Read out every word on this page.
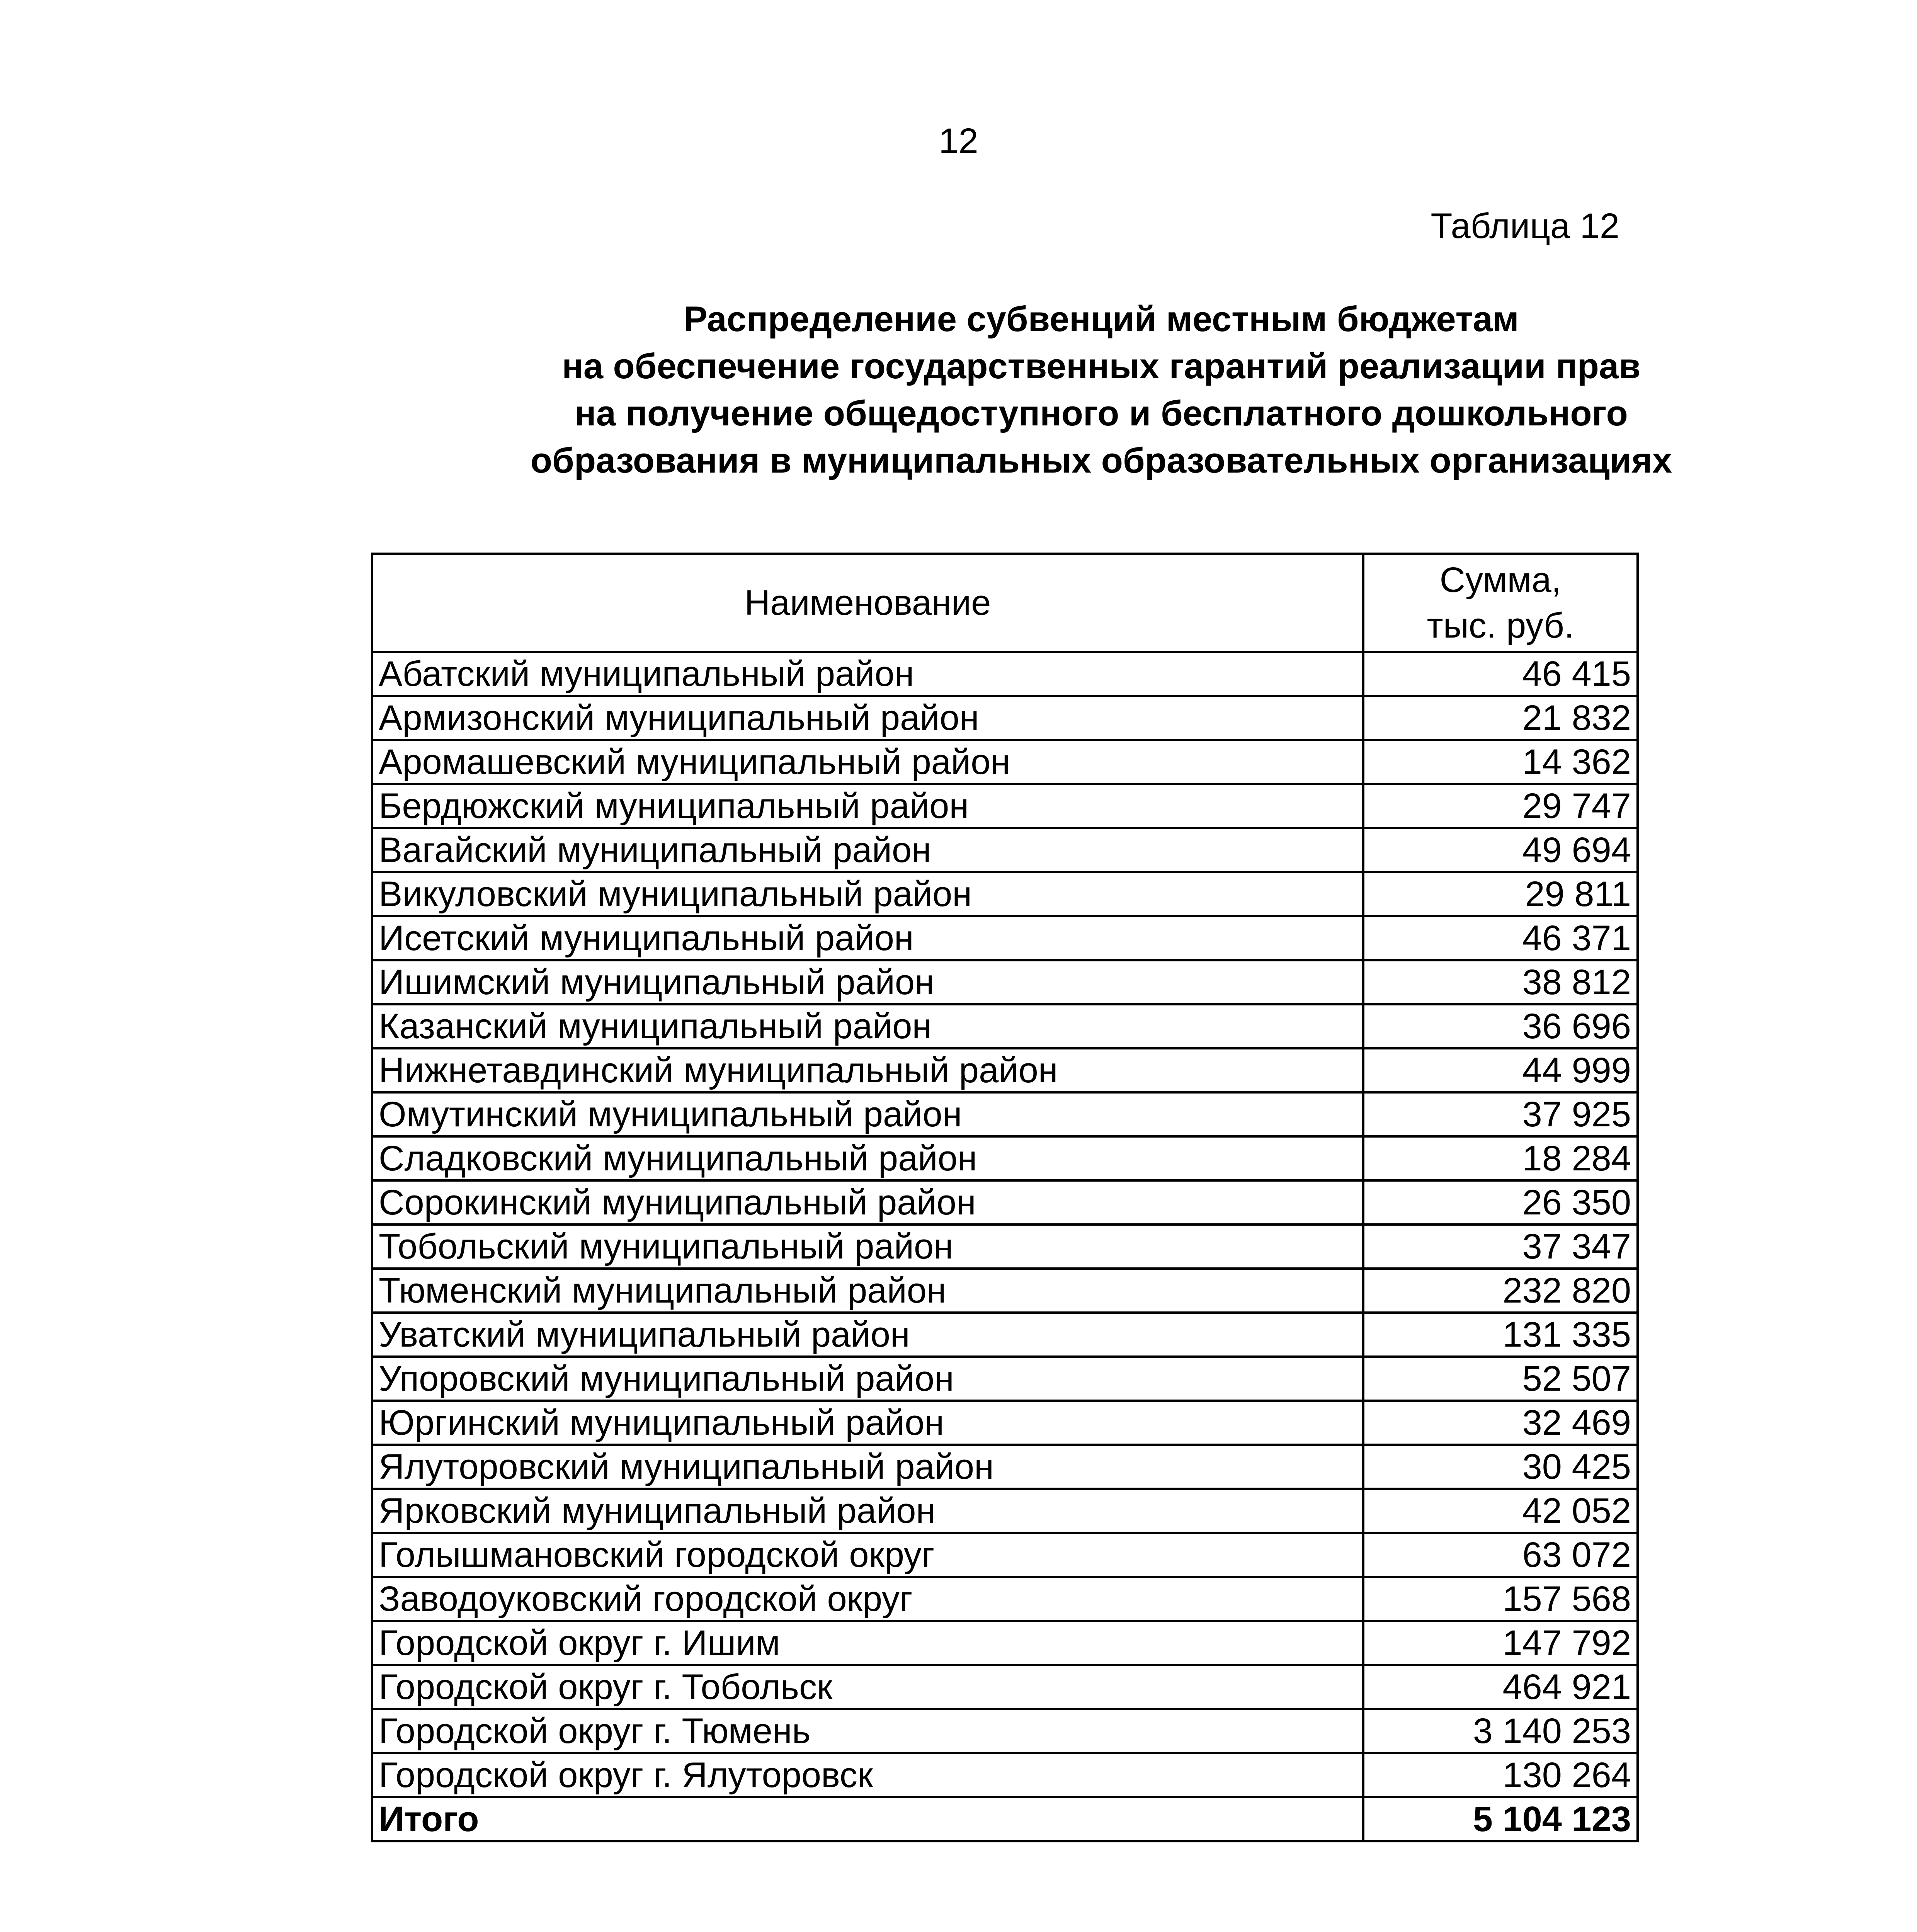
12
Таблица 12
Распределение субвенций местным бюджетам
на обеспечение государственных гарантий реализации прав
на получение общедоступного и бесплатного дошкольного
образования в муниципальных образовательных организациях
Наименование	Сумма,
тыс. руб.

Абатский муниципальный район	46 415
Армизонский муниципальный район	21 832
Аромашевский муниципальный район	14 362
Бердюжский муниципальный район	29 747
Вагайский муниципальный район	49 694
Викуловский муниципальный район	29 811
Исетский муниципальный район	46 371
Ишимский муниципальный район	38 812
Казанский муниципальный район	36 696
Нижнетавдинский муниципальный район	44 999
Омутинский муниципальный район	37 925
Сладковский муниципальный район	18 284
Сорокинский муниципальный район	26 350
Тобольский муниципальный район	37 347
Тюменский муниципальный район	232 820
Уватский муниципальный район	131 335
Упоровский муниципальный район	52 507
Юргинский муниципальный район	32 469
Ялуторовский муниципальный район	30 425
Ярковский муниципальный район	42 052
Голышмановский городской округ	63 072
Заводоуковский городской округ	157 568
Городской округ г. Ишим	147 792
Городской округ г. Тобольск	464 921
Городской округ г. Тюмень	3 140 253
Городской округ г. Ялуторовск	130 264
Итого	5 104 123
